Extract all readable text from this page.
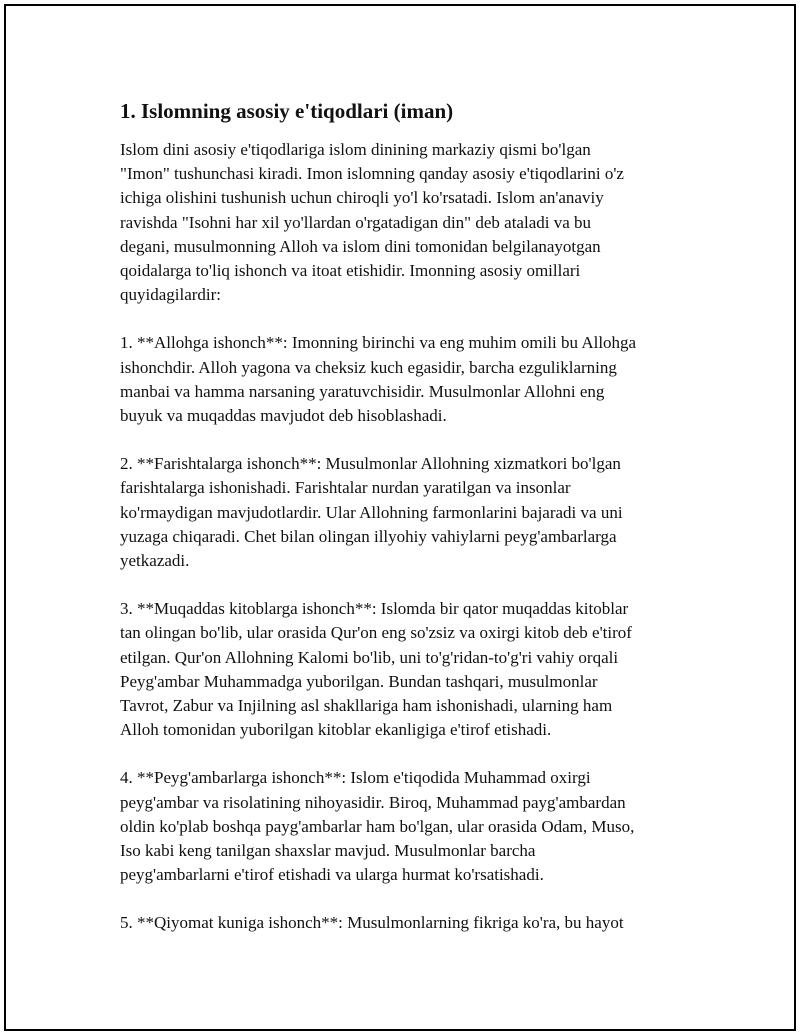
1. Islomning asosiy e'tiqodlari (iman)
Islom dini asosiy e'tiqodlariga islom dinining markaziy qismi bo'lgan
"Imon" tushunchasi kiradi. Imon islomning qanday asosiy e'tiqodlarini o'z
ichiga olishini tushunish uchun chiroqli yo'l ko'rsatadi. Islom an'anaviy
ravishda "Isohni har xil yo'llardan o'rgatadigan din" deb ataladi va bu
degani, musulmonning Alloh va islom dini tomonidan belgilanayotgan
qoidalarga to'liq ishonch va itoat etishidir. Imonning asosiy omillari
quyidagilardir:
1. **Allohga ishonch**: Imonning birinchi va eng muhim omili bu Allohga
ishonchdir. Alloh yagona va cheksiz kuch egasidir, barcha ezguliklarning
manbai va hamma narsaning yaratuvchisidir. Musulmonlar Allohni eng
buyuk va muqaddas mavjudot deb hisoblashadi.
2. **Farishtalarga ishonch**: Musulmonlar Allohning xizmatkori bo'lgan
farishtalarga ishonishadi. Farishtalar nurdan yaratilgan va insonlar
ko'rmaydigan mavjudotlardir. Ular Allohning farmonlarini bajaradi va uni
yuzaga chiqaradi. Chet bilan olingan illyohiy vahiylarni peyg'ambarlarga
yetkazadi.
3. **Muqaddas kitoblarga ishonch**: Islomda bir qator muqaddas kitoblar
tan olingan bo'lib, ular orasida Qur'on eng so'zsiz va oxirgi kitob deb e'tirof
etilgan. Qur'on Allohning Kalomi bo'lib, uni to'g'ridan-to'g'ri vahiy orqali
Peyg'ambar Muhammadga yuborilgan. Bundan tashqari, musulmonlar
Tavrot, Zabur va Injilning asl shakllariga ham ishonishadi, ularning ham
Alloh tomonidan yuborilgan kitoblar ekanligiga e'tirof etishadi.
4. **Peyg'ambarlarga ishonch**: Islom e'tiqodida Muhammad oxirgi
peyg'ambar va risolatining nihoyasidir. Biroq, Muhammad payg'ambardan
oldin ko'plab boshqa payg'ambarlar ham bo'lgan, ular orasida Odam, Muso,
Iso kabi keng tanilgan shaxslar mavjud. Musulmonlar barcha
peyg'ambarlarni e'tirof etishadi va ularga hurmat ko'rsatishadi.
5. **Qiyomat kuniga ishonch**: Musulmonlarning fikriga ko'ra, bu hayot
